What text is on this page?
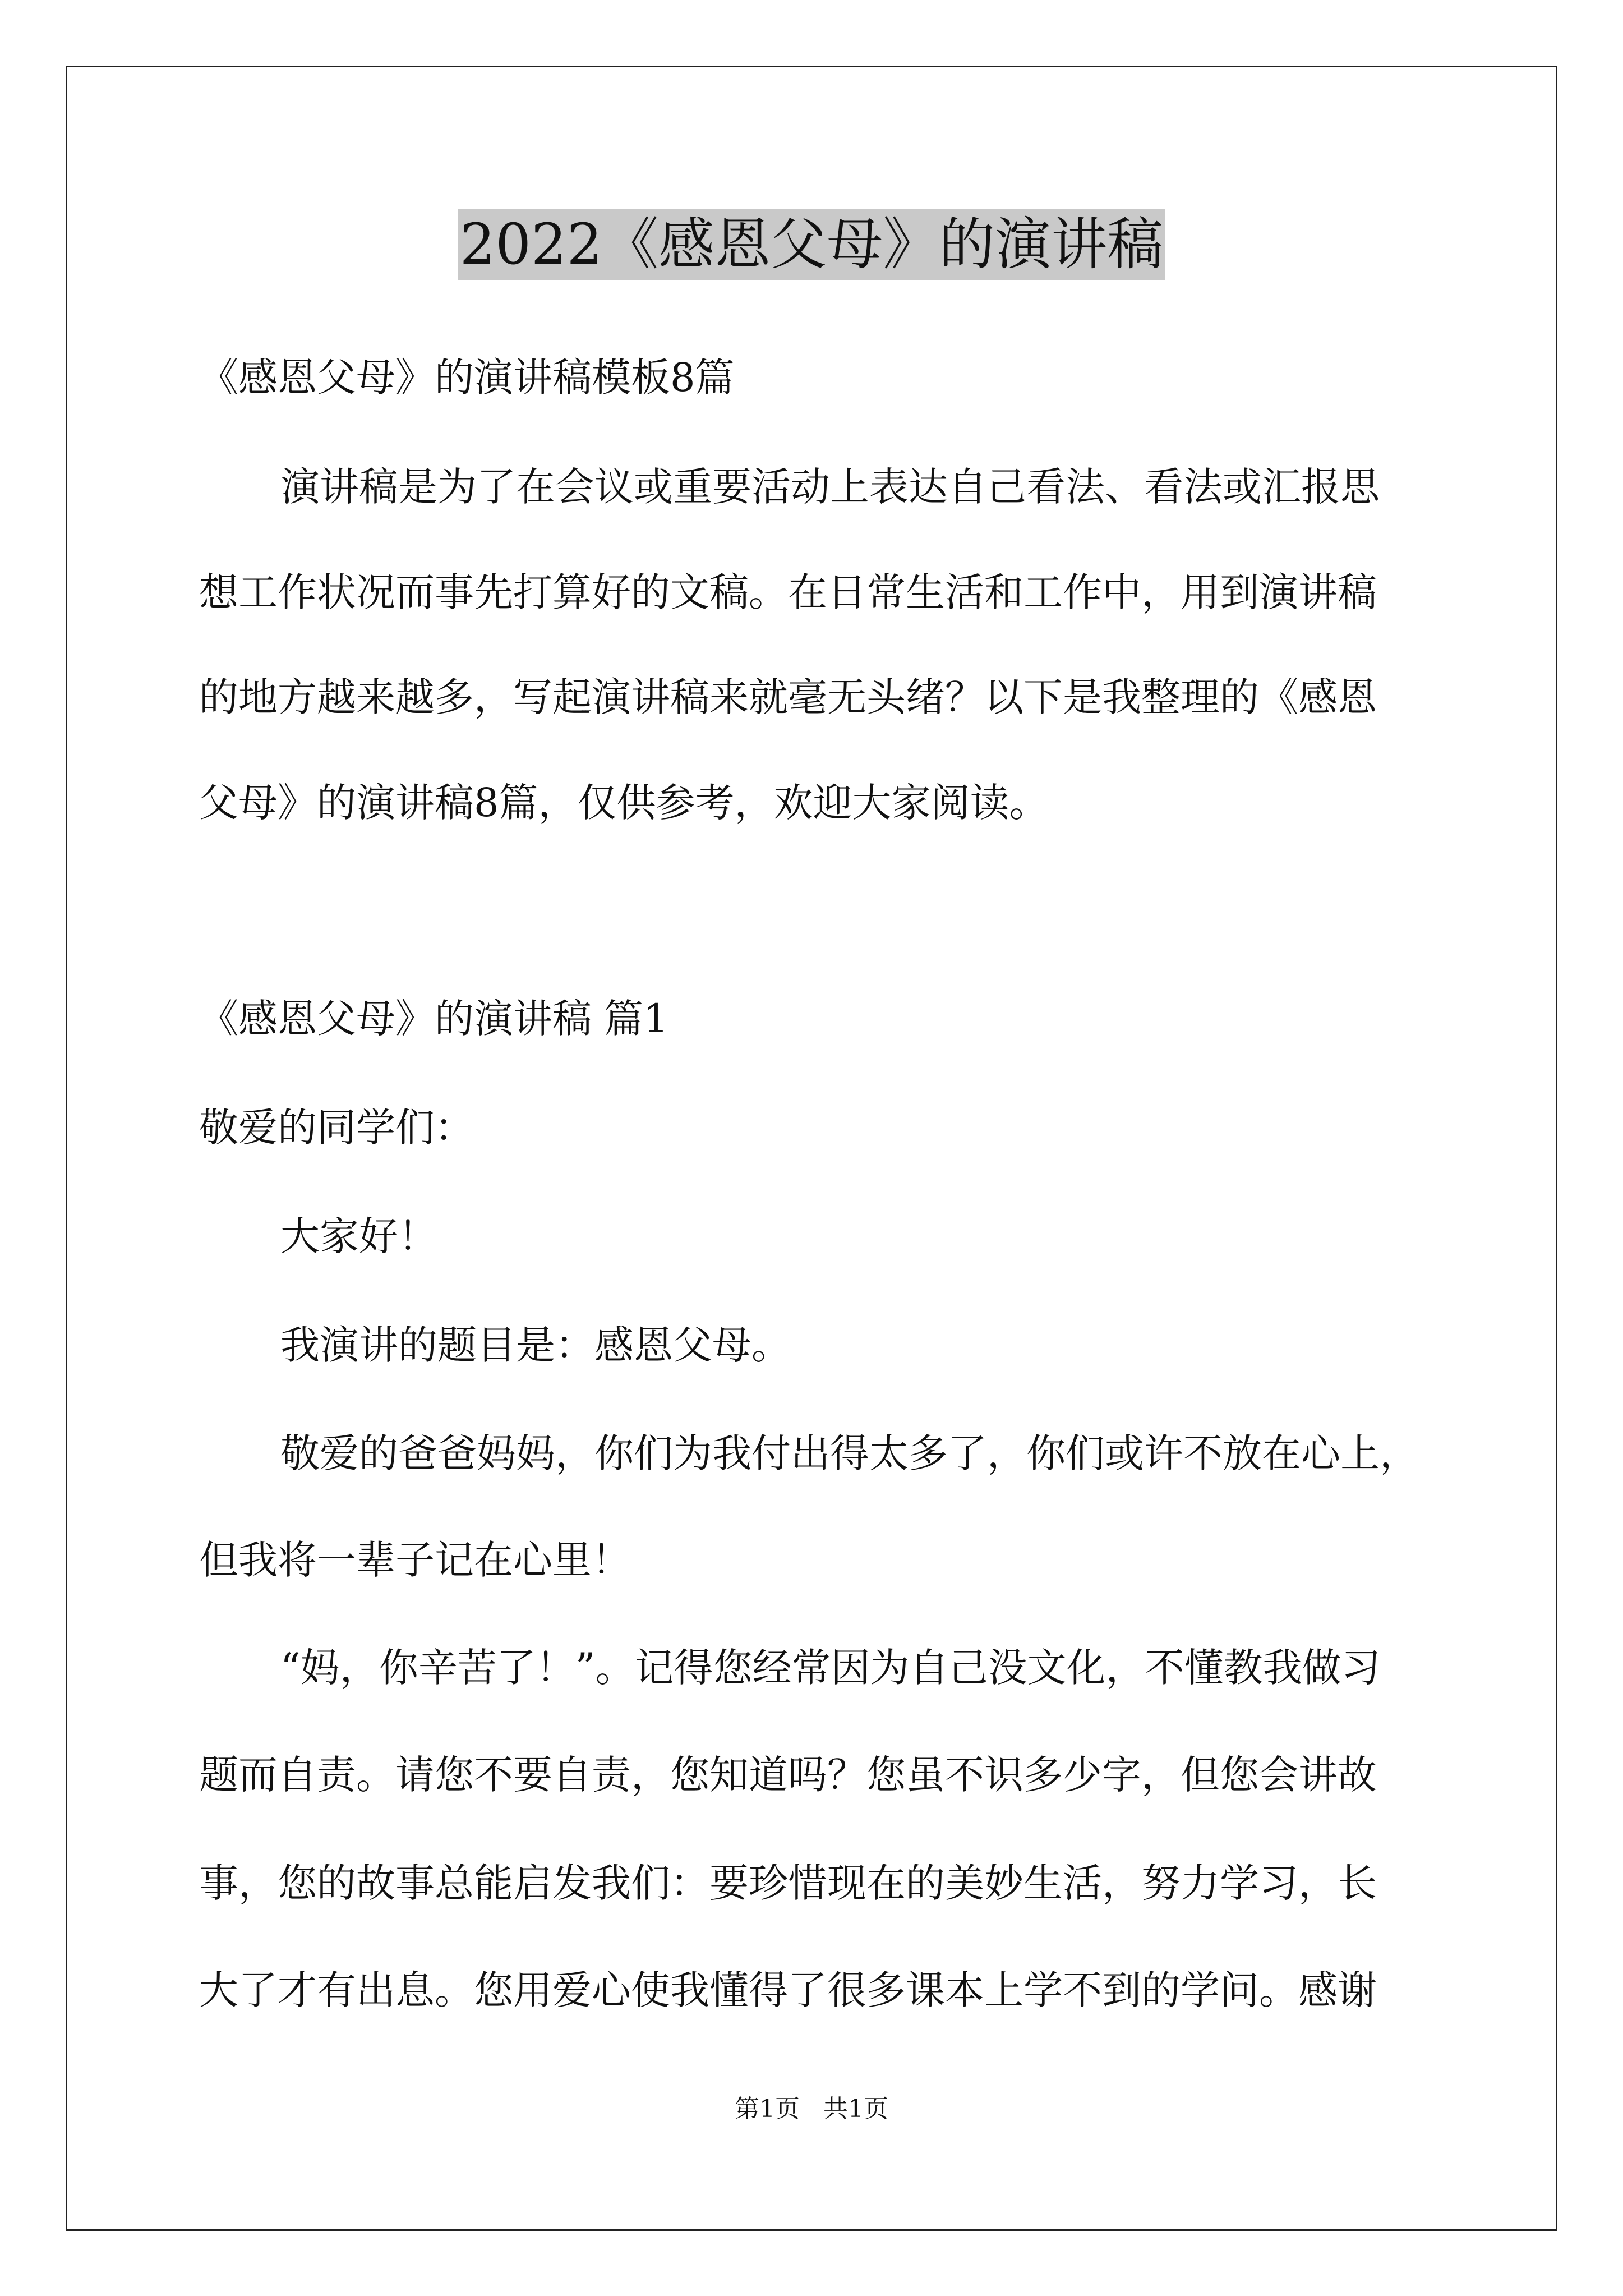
2022《感恩父母》的演讲稿
《感恩父母》的演讲稿模板8篇
演讲稿是为了在会议或重要活动上表达自己看法、看法或汇报思
想工作状况而事先打算好的文稿。在日常生活和工作中，用到演讲稿
的地方越来越多，写起演讲稿来就毫无头绪？以下是我整理的《感恩
父母》的演讲稿8篇，仅供参考，欢迎大家阅读。
《感恩父母》的演讲稿 篇1
敬爱的同学们：
大家好！
我演讲的题目是：感恩父母。
敬爱的爸爸妈妈，你们为我付出得太多了，你们或许不放在心上，
但我将一辈子记在心里！
“妈，你辛苦了！”。记得您经常因为自己没文化，不懂教我做习
题而自责。请您不要自责，您知道吗？您虽不识多少字，但您会讲故
事，您的故事总能启发我们：要珍惜现在的美妙生活，努力学习，长
大了才有出息。您用爱心使我懂得了很多课本上学不到的学问。感谢
第1页   共1页
